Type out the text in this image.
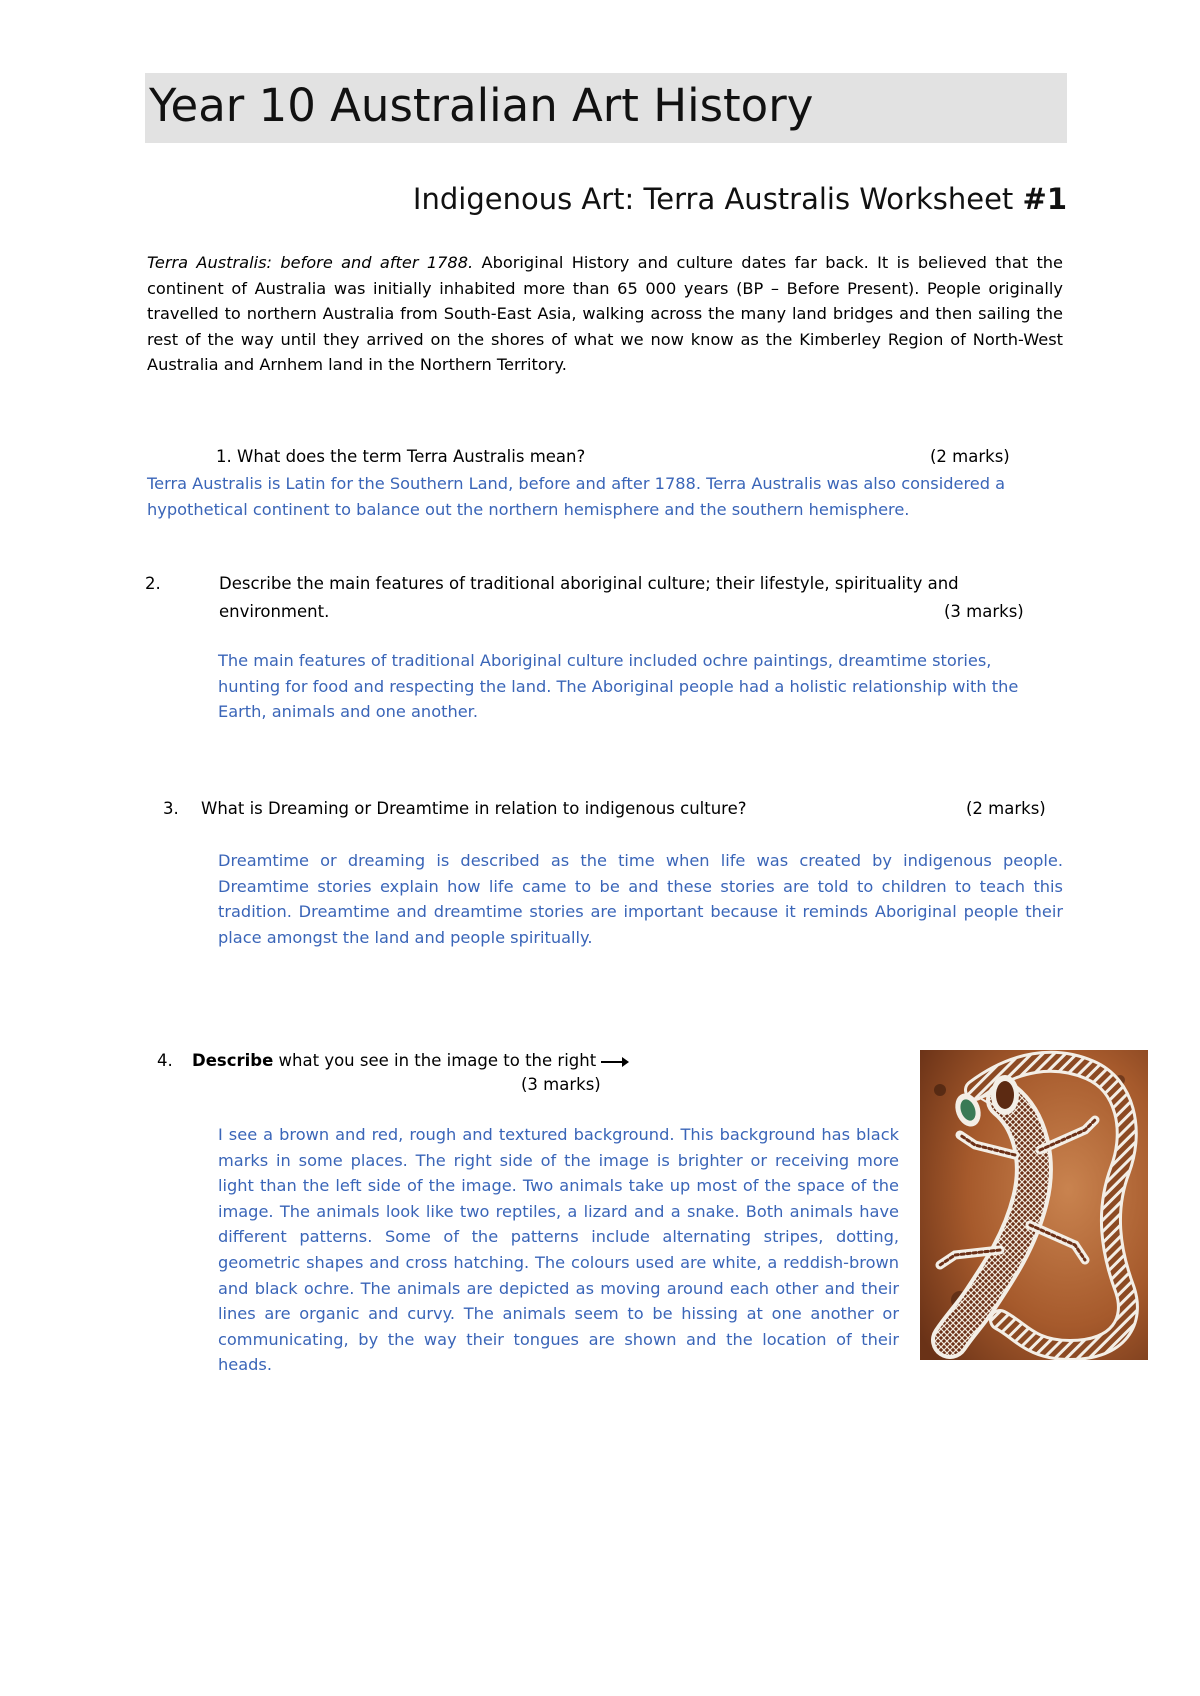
Year 10 Australian Art History
Indigenous Art: Terra Australis Worksheet #1

Terra Australis: before and after 1788. Aboriginal History and culture dates far back. It is believed that the continent of Australia was initially inhabited more than 65 000 years (BP – Before Present). People originally travelled to northern Australia from South-East Asia, walking across the many land bridges and then sailing the rest of the way until they arrived on the shores of what we now know as the Kimberley Region of North-West Australia and Arnhem land in the Northern Territory.

1. What does the term Terra Australis mean?	(2 marks)

Terra Australis is Latin for the Southern Land, before and after 1788. Terra Australis was also considered a hypothetical continent to balance out the northern hemisphere and the southern hemisphere.

2.	Describe the main features of traditional aboriginal culture; their lifestyle, spirituality and
environment.	(3 marks)

The main features of traditional Aboriginal culture included ochre paintings, dreamtime stories, hunting for food and respecting the land. The Aboriginal people had a holistic relationship with the Earth, animals and one another.

3. What is Dreaming or Dreamtime in relation to indigenous culture?	(2 marks)

Dreamtime or dreaming is described as the time when life was created by indigenous people. Dreamtime stories explain how life came to be and these stories are told to children to teach this tradition. Dreamtime and dreamtime stories are important because it reminds Aboriginal people their place amongst the land and people spiritually.

4. Describe what you see in the image to the right

(3 marks)

I see a brown and red, rough and textured background. This background has black marks in some places. The right side of the image is brighter or receiving more light than the left side of the image. Two animals take up most of the space of the image. The animals look like two reptiles, a lizard and a snake. Both animals have different patterns. Some of the patterns include alternating stripes, dotting, geometric shapes and cross hatching. The colours used are white, a reddish-brown and black ochre. The animals are depicted as moving around each other and their lines are organic and curvy. The animals seem to be hissing at one another or communicating, by the way their tongues are shown and the location of their heads.
